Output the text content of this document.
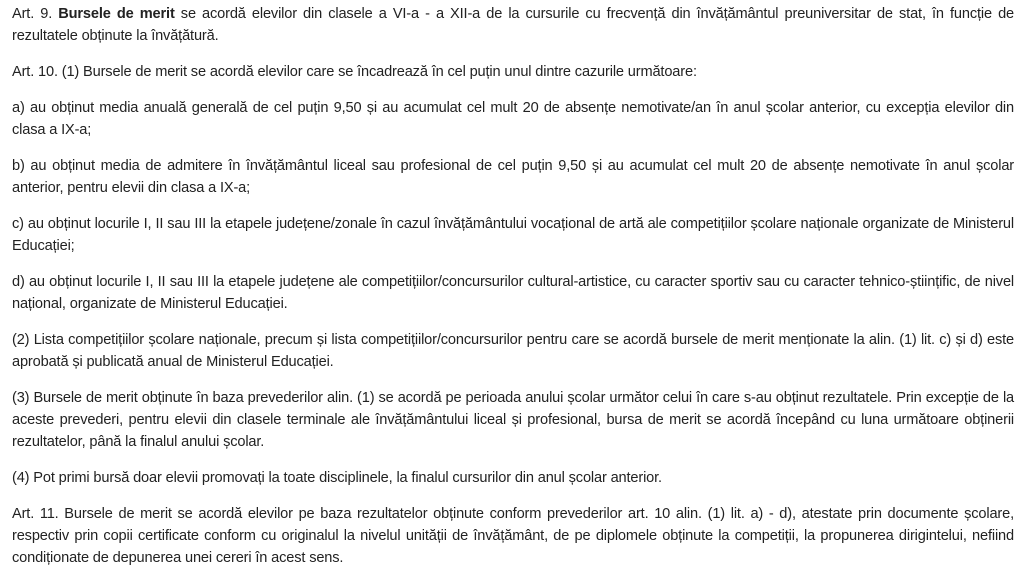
Art. 9. Bursele de merit se acordă elevilor din clasele a VI-a - a XII-a de la cursurile cu frecvență din învățământul preuniversitar de stat, în funcție de rezultatele obținute la învățătură.

Art. 10. (1) Bursele de merit se acordă elevilor care se încadrează în cel puțin unul dintre cazurile următoare:

a) au obținut media anuală generală de cel puțin 9,50 și au acumulat cel mult 20 de absențe nemotivate/an în anul școlar anterior, cu excepția elevilor din clasa a IX-a;

b) au obținut media de admitere în învățământul liceal sau profesional de cel puțin 9,50 și au acumulat cel mult 20 de absențe nemotivate în anul școlar anterior, pentru elevii din clasa a IX-a;

c) au obținut locurile I, II sau III la etapele județene/zonale în cazul învățământului vocațional de artă ale competițiilor școlare naționale organizate de Ministerul Educației;

d) au obținut locurile I, II sau III la etapele județene ale competițiilor/concursurilor cultural-artistice, cu caracter sportiv sau cu caracter tehnico-științific, de nivel național, organizate de Ministerul Educației.

(2) Lista competițiilor școlare naționale, precum și lista competițiilor/concursurilor pentru care se acordă bursele de merit menționate la alin. (1) lit. c) și d) este aprobată și publicată anual de Ministerul Educației.

(3) Bursele de merit obținute în baza prevederilor alin. (1) se acordă pe perioada anului școlar următor celui în care s-au obținut rezultatele. Prin excepție de la aceste prevederi, pentru elevii din clasele terminale ale învățământului liceal și profesional, bursa de merit se acordă începând cu luna următoare obținerii rezultatelor, până la finalul anului școlar.

(4) Pot primi bursă doar elevii promovați la toate disciplinele, la finalul cursurilor din anul școlar anterior.

Art. 11. Bursele de merit se acordă elevilor pe baza rezultatelor obținute conform prevederilor art. 10 alin. (1) lit. a) - d), atestate prin documente școlare, respectiv prin copii certificate conform cu originalul la nivelul unității de învățământ, de pe diplomele obținute la competiții, la propunerea dirigintelui, nefiind condiționate de depunerea unei cereri în acest sens.
